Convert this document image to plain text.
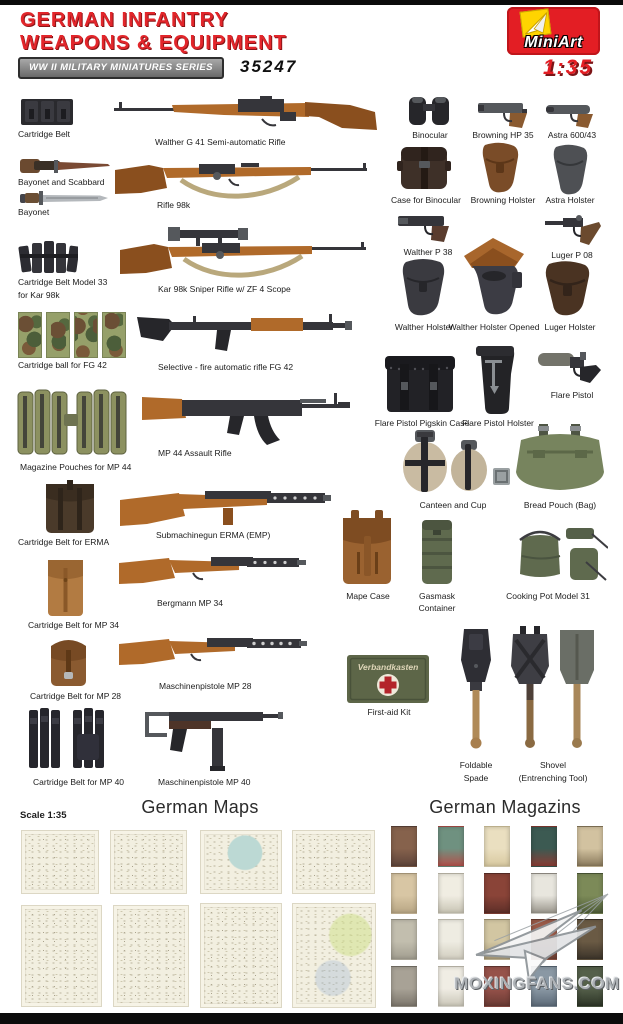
GERMAN INFANTRY
WEAPONS & EQUIPMENT
WW II MILITARY MINIATURES SERIES	35247
MiniArt
1:35
Cartridge Belt
Walther G 41 Semi-automatic Rifle
Bayonet and Scabbard
Bayonet
Rifle 98k
Cartridge Belt Model 33
for Kar 98k
Kar 98k Sniper Rifle w/ ZF 4 Scope
Cartridge ball for FG 42	Selective - fire automatic rifle FG 42
Magazine Pouches for MP 44
MP 44 Assault Rifle
Cartridge Belt for ERMA
Submachinegun ERMA (EMP)
Cartridge Belt for MP 34
Bergmann MP 34
Cartridge Belt for MP 28
Maschinenpistole MP 28
Cartridge Belt for MP 40	Maschinenpistole MP 40
Binocular	Browning HP 35	Astra 600/43
Case for Binocular	Browning Holster	Astra Holster
Walther P 38	Luger P 08
Walther Holster
Walther Holster Opened Luger Holster
Flare Pistol Pigskin Case
Flare Pistol Holster
Flare Pistol
Canteen and Cup	Bread Pouch (Bag)
Mape Case	Gasmask
Container
Cooking Pot Model 31
Verbandkasten
First-aid Kit
Foldable
Spade
Shovel
(Entrenching Tool)
Scale 1:35	German Maps	German Magazins
MOXINGFANS.COM
